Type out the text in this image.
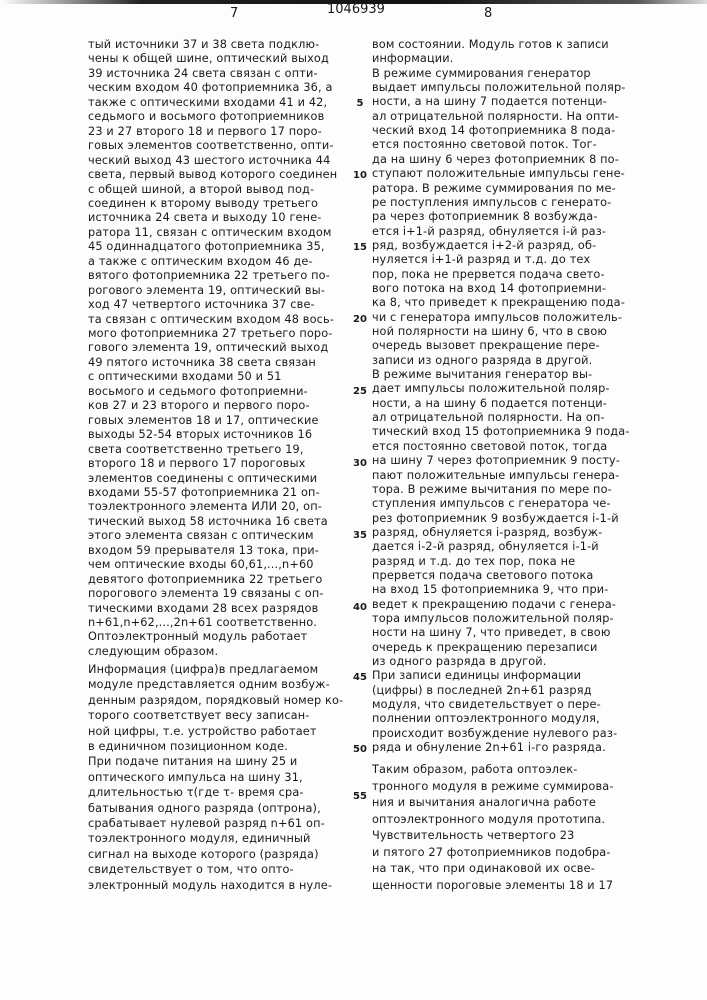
7	1046939	8
тый источники 37 и 38 света подклю-
чены к общей шине, оптический выход
39 источника 24 света связан с опти-
ческим входом 40 фотоприемника 36, а
также с оптическими входами 41 и 42,
седьмого и восьмого фотоприемников
23 и 27 второго 18 и первого 17 поро-
говых элементов соответственно, опти-
ческий выход 43 шестого источника 44
света, первый вывод которого соединен
с общей шиной, а второй вывод под-
соединен к второму выводу третьего
источника 24 света и выходу 10 гене-
ратора 11, связан с оптическим входом
45 одиннадцатого фотоприемника 35,
а также с оптическим входом 46 де-
вятого фотоприемника 22 третьего по-
рогового элемента 19, оптический вы-
ход 47 четвертого источника 37 све-
та связан с оптическим входом 48 вось-
мого фотоприемника 27 третьего поро-
гового элемента 19, оптический выход
49 пятого источника 38 света связан
с оптическими входами 50 и 51
восьмого и седьмого фотоприемни-
ков 27 и 23 второго и первого поро-
говых элементов 18 и 17, оптические
выходы 52-54 вторых источников 16
света соответственно третьего 19,
второго 18 и первого 17 пороговых
элементов соединены с оптическими
входами 55-57 фотоприемника 21 оп-
тоэлектронного элемента ИЛИ 20, оп-
тический выход 58 источника 16 света
этого элемента связан с оптическим
входом 59 прерывателя 13 тока, при-
чем оптические входы 60,61,...,n+60
девятого фотоприемника 22 третьего
порогового элемента 19 связаны с оп-
тическими входами 28 всех разрядов
n+61,n+62,...,2n+61 соответственно.
Оптоэлектронный модуль работает
следующим образом.
Информация (цифра)в предлагаемом
модуле представляется одним возбуж-
денным разрядом, порядковый номер ко-
торого соответствует весу записан-
ной цифры, т.е. устройство работает
в единичном позиционном коде.
При подаче питания на шину 25 и
оптического импульса на шину 31,
длительностью τ(где τ- время сра-
батывания одного разряда (оптрона),
срабатывает нулевой разряд n+61 оп-
тоэлектронного модуля, единичный
сигнал на выходе которого (разряда)
свидетельствует о том, что опто-
электронный модуль находится в нуле-
вом состоянии. Модуль готов к записи
информации.
В режиме суммирования генератор
выдает импульсы положительной поляр-
ности, а на шину 7 подается потенци-
ал отрицательной полярности. На опти-
ческий вход 14 фотоприемника 8 пода-
ется постоянно световой поток. Тог-
да на шину 6 через фотоприемник 8 по-
ступают положительные импульсы гене-
ратора. В режиме суммирования по ме-
ре поступления импульсов с генерато-
ра через фотоприемник 8 возбужда-
ется i+1-й разряд, обнуляется i-й раз-
ряд, возбуждается i+2-й разряд, об-
нуляется i+1-й разряд и т.д. до тех
пор, пока не прервется подача свето-
вого потока на вход 14 фотоприемни-
ка 8, что приведет к прекращению пода-
чи с генератора импульсов положитель-
ной полярности на шину 6, что в свою
очередь вызовет прекращение пере-
записи из одного разряда в другой.
В режиме вычитания генератор вы-
дает импульсы положительной поляр-
ности, а на шину 6 подается потенци-
ал отрицательной полярности. На оп-
тический вход 15 фотоприемника 9 пода-
ется постоянно световой поток, тогда
на шину 7 через фотоприемник 9 посту-
пают положительные импульсы генера-
тора. В режиме вычитания по мере по-
ступления импульсов с генератора че-
рез фотоприемник 9 возбуждается i-1-й
разряд, обнуляется i-разряд, возбуж-
дается i-2-й разряд, обнуляется i-1-й
разряд и т.д. до тех пор, пока не
прервется подача светового потока
на вход 15 фотоприемника 9, что при-
ведет к прекращению подачи с генера-
тора импульсов положительной поляр-
ности на шину 7, что приведет, в свою
очередь к прекращению перезаписи
из одного разряда в другой.
При записи единицы информации
(цифры) в последней 2n+61 разряд
модуля, что свидетельствует о пере-
полнении оптоэлектронного модуля,
происходит возбуждение нулевого раз-
ряда и обнуление 2n+61 i-го разряда.
Таким образом, работа оптоэлек-
тронного модуля в режиме суммирова-
ния и вычитания аналогична работе
оптоэлектронного модуля прототипа.
Чувствительность четвертого 23
и пятого 27 фотоприемников подобра-
на так, что при одинаковой их осве-
щенности пороговые элементы 18 и 17
5
10
15
20
25
30
35
40
45
50
55
